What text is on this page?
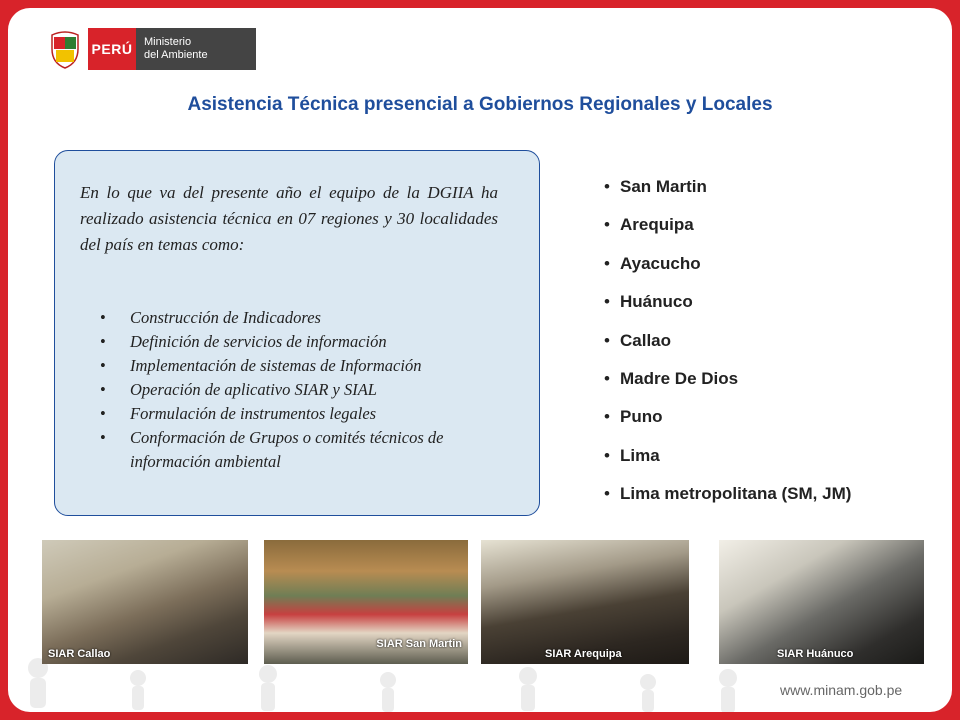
PERÚ	Ministerio
del Ambiente
Asistencia Técnica presencial a Gobiernos Regionales y Locales
En lo que va del presente año el equipo de la DGIIA ha realizado asistencia técnica en 07 regiones y 30 localidades del país en temas como:
• Construcción de Indicadores
• Definición de servicios de información
• Implementación de sistemas de Información
• Operación de aplicativo SIAR y SIAL
• Formulación de instrumentos legales
• Conformación de Grupos o comités técnicos de información ambiental
• San Martin
• Arequipa
• Ayacucho
• Huánuco
• Callao
• Madre De Dios
• Puno
• Lima
• Lima metropolitana (SM, JM)
SIAR Callao
SIAR San Martin
SIAR Arequipa	SIAR Huánuco
www.minam.gob.pe
